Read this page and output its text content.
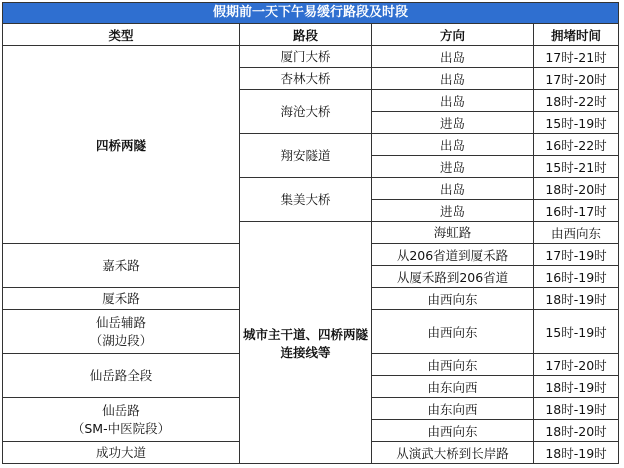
假期前一天下午易缓行路段及时段
类型	路段	方向	拥堵时间	
四桥两隧	厦门大桥	出岛	17时-21时	
	杏林大桥	出岛	17时-20时	
	海沧大桥	出岛	18时-22时	
		进岛	15时-19时	
	翔安隧道	出岛	16时-22时	
		进岛	15时-21时	
	集美大桥	出岛	18时-20时	
		进岛	16时-17时	
	城市主干道、四桥两隧连接线等	海虹路	由西向东	
嘉禾路		从206省道到厦禾路	17时-19时	
		从厦禾路到206省道	16时-19时	
厦禾路		由西向东	18时-19时	
仙岳辅路
（湖边段）		由西向东	15时-19时	
仙岳路全段		由西向东	17时-20时	
		由东向西	18时-19时	
仙岳路
（SM-中医院段）		由东向西	18时-19时	
		由西向东	18时-20时	
成功大道		从演武大桥到长岸路	18时-19时	
